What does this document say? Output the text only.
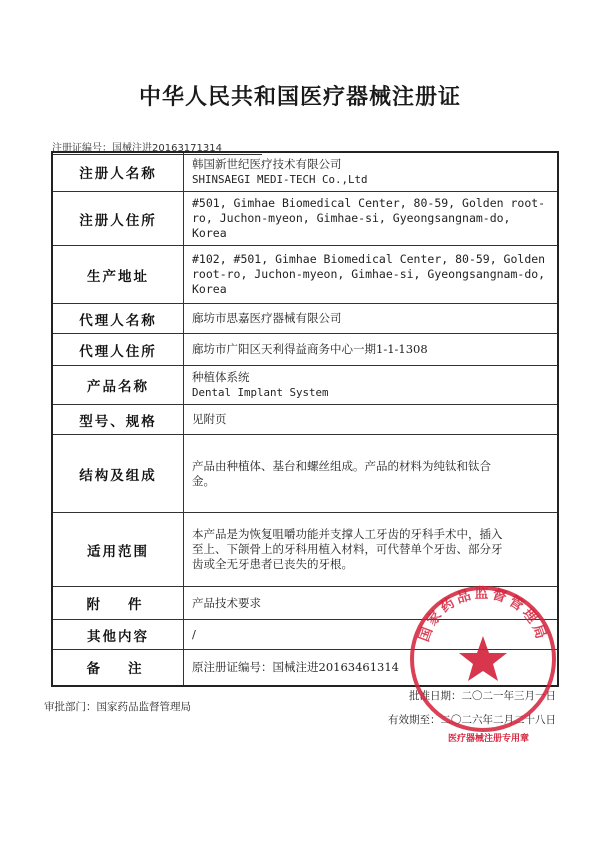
中华人民共和国医疗器械注册证
注册证编号：国械注进20163171314
注册人名称	韩国新世纪医疗技术有限公司
SHINSAEGI MEDI-TECH Co.,Ltd

注册人住所	#501, Gimhae Biomedical Center, 80-59, Golden root-
ro, Juchon-myeon, Gimhae-si, Gyeongsangnam-do, Korea

生产地址	#102, #501, Gimhae Biomedical Center, 80-59, Golden
root-ro, Juchon-myeon, Gimhae-si, Gyeongsangnam-do,
Korea

代理人名称	廊坊市思嘉医疗器械有限公司
代理人住所	廊坊市广阳区天利得益商务中心一期1-1-1308
产品名称	种植体系统
Dental Implant System

型号、规格	见附页
结构及组成	产品由种植体、基台和螺丝组成。产品的材料为纯钛和钛合
金。

适用范围	本产品是为恢复咀嚼功能并支撑人工牙齿的牙科手术中，插入
至上、下颌骨上的牙科用植入材料，可代替单个牙齿、部分牙
齿或全无牙患者已丧失的牙根。

附件	产品技术要求
其他内容	/
备注	原注册证编号：国械注进20163461314
审批部门：国家药品监督管理局
批准日期：二〇二一年三月一日
有效期至：二〇二六年二月二十八日
国家药品监督管理局
医疗器械注册专用章
